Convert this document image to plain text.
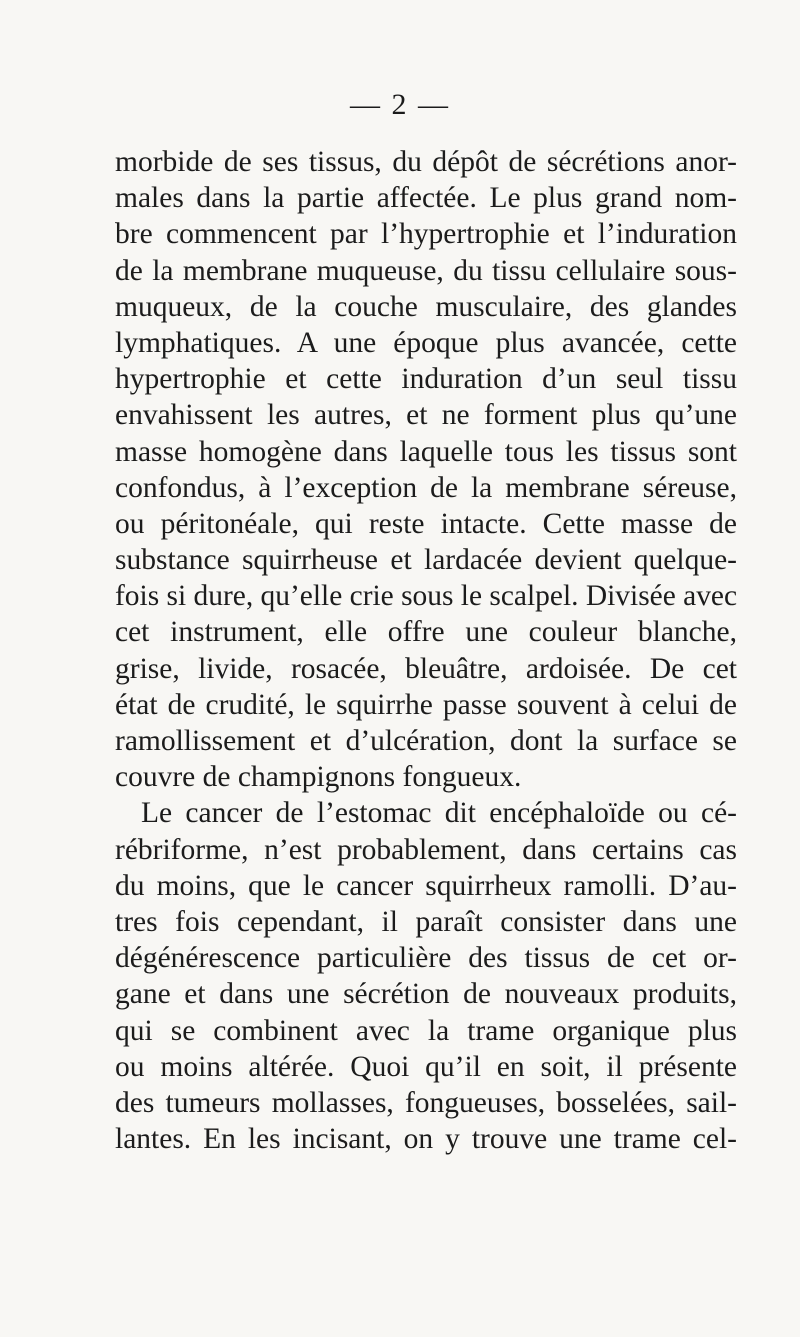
— 2 —
morbide de ses tissus, du dépôt de sécrétions anor-
males dans la partie affectée. Le plus grand nom-
bre commencent par l’hypertrophie et l’induration
de la membrane muqueuse, du tissu cellulaire sous-
muqueux, de la couche musculaire, des glandes
lymphatiques. A une époque plus avancée, cette
hypertrophie et cette induration d’un seul tissu
envahissent les autres, et ne forment plus qu’une
masse homogène dans laquelle tous les tissus sont
confondus, à l’exception de la membrane séreuse,
ou péritonéale, qui reste intacte. Cette masse de
substance squirrheuse et lardacée devient quelque-
fois si dure, qu’elle crie sous le scalpel. Divisée avec
cet instrument, elle offre une couleur blanche,
grise, livide, rosacée, bleuâtre, ardoisée. De cet
état de crudité, le squirrhe passe souvent à celui de
ramollissement et d’ulcération, dont la surface se
couvre de champignons fongueux.
Le cancer de l’estomac dit encéphaloïde ou cé-
rébriforme, n’est probablement, dans certains cas
du moins, que le cancer squirrheux ramolli. D’au-
tres fois cependant, il paraît consister dans une
dégénérescence particulière des tissus de cet or-
gane et dans une sécrétion de nouveaux produits,
qui se combinent avec la trame organique plus
ou moins altérée. Quoi qu’il en soit, il présente
des tumeurs mollasses, fongueuses, bosselées, sail-
lantes. En les incisant, on y trouve une trame cel-
